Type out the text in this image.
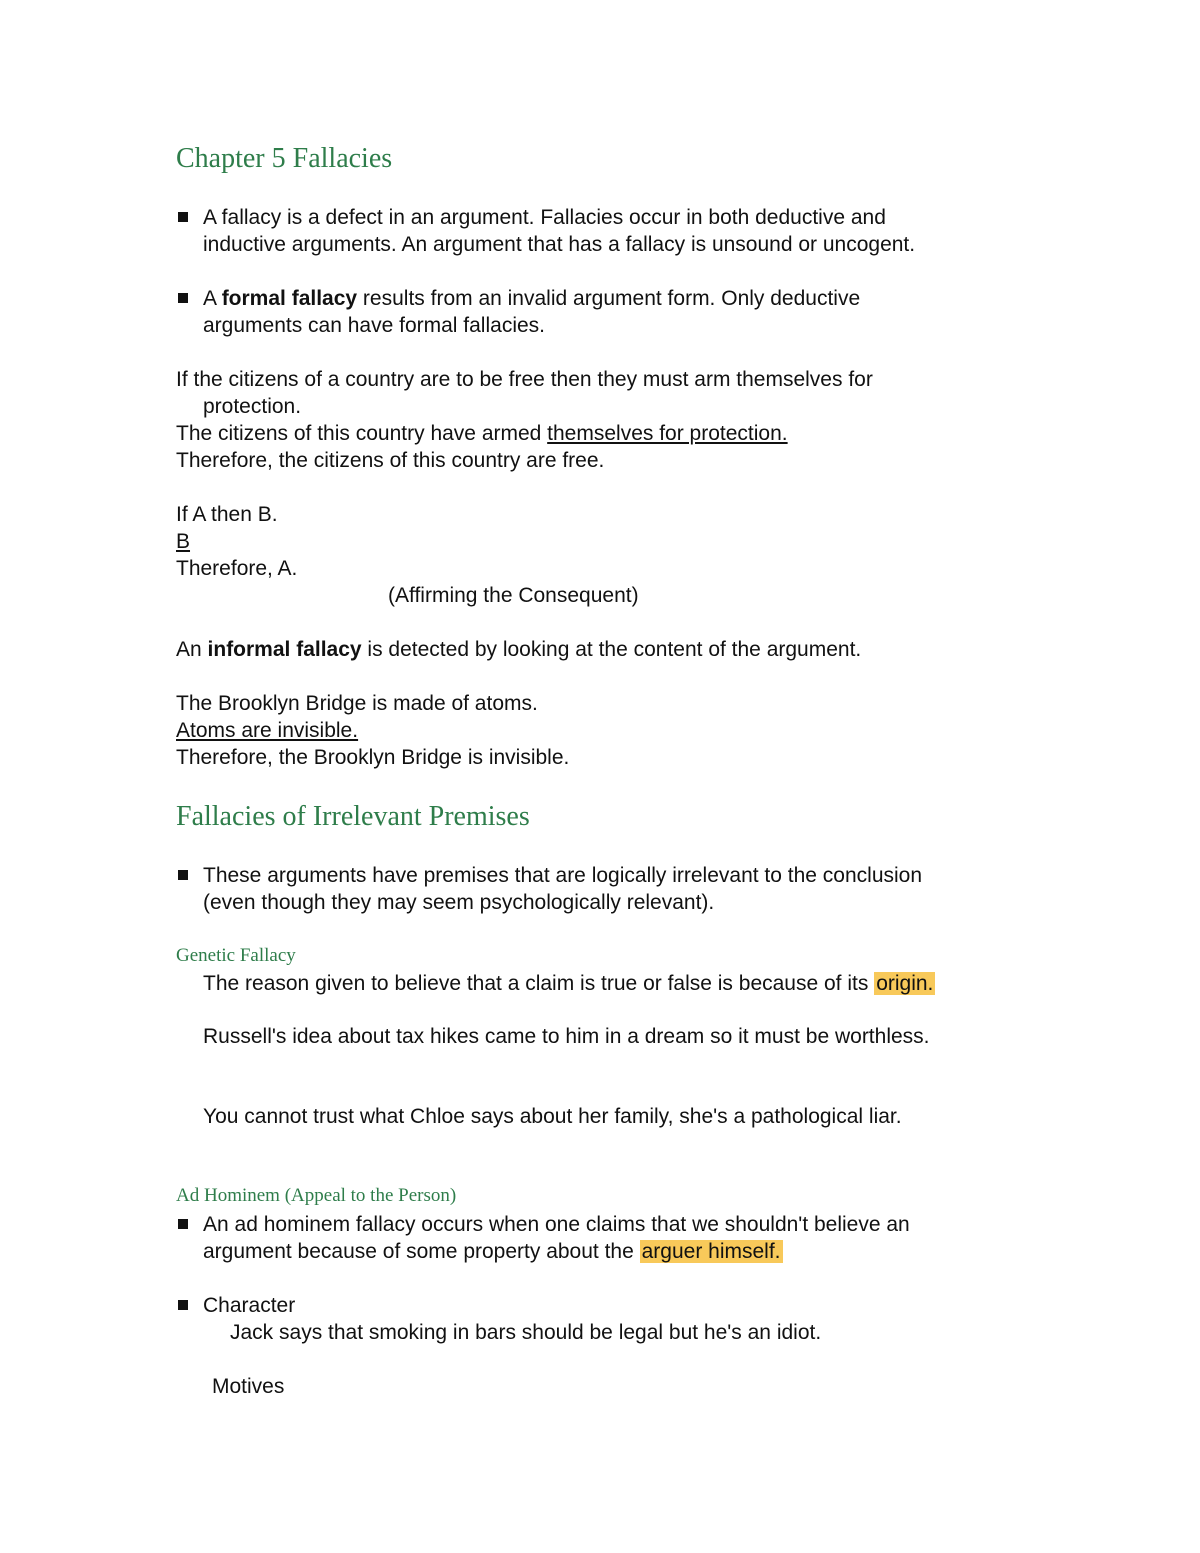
Chapter 5 Fallacies
A fallacy is a defect in an argument. Fallacies occur in both deductive and
inductive arguments. An argument that has a fallacy is unsound or uncogent.
A formal fallacy results from an invalid argument form. Only deductive
arguments can have formal fallacies.
If the citizens of a country are to be free then they must arm themselves for
protection.
The citizens of this country have armed themselves for protection.
Therefore, the citizens of this country are free.
If A then B.
B
Therefore, A.
(Affirming the Consequent)
An informal fallacy is detected by looking at the content of the argument.
The Brooklyn Bridge is made of atoms.
Atoms are invisible.
Therefore, the Brooklyn Bridge is invisible.
Fallacies of Irrelevant Premises
These arguments have premises that are logically irrelevant to the conclusion
(even though they may seem psychologically relevant).
Genetic Fallacy
The reason given to believe that a claim is true or false is because of its origin.
Russell's idea about tax hikes came to him in a dream so it must be worthless.
You cannot trust what Chloe says about her family, she's a pathological liar.
Ad Hominem (Appeal to the Person)
An ad hominem fallacy occurs when one claims that we shouldn't believe an
argument because of some property about the arguer himself.
Character
Jack says that smoking in bars should be legal but he's an idiot.
Motives
